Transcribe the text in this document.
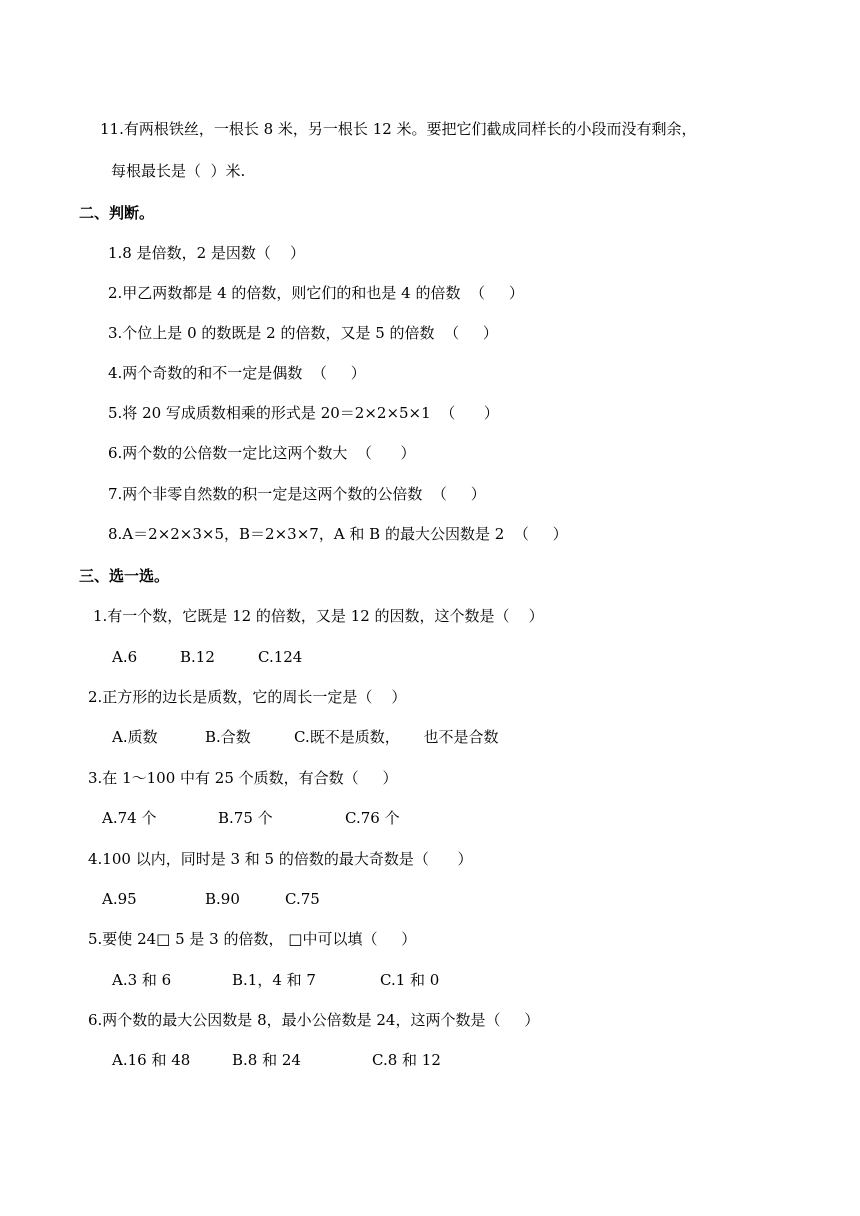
11.有两根铁丝，一根长 8 米，另一根长 12 米。要把它们截成同样长的小段而没有剩余，
每根最长是（  ）米.
二、判断。
1.8 是倍数，2 是因数（    ）
2.甲乙两数都是 4 的倍数，则它们的和也是 4 的倍数  （     ）
3.个位上是 0 的数既是 2 的倍数，又是 5 的倍数  （     ）
4.两个奇数的和不一定是偶数  （     ）
5.将 20 写成质数相乘的形式是 20＝2×2×5×1  （      ）
6.两个数的公倍数一定比这两个数大  （      ）
7.两个非零自然数的积一定是这两个数的公倍数  （     ）
8.A＝2×2×3×5，B＝2×3×7，A 和 B 的最大公因数是 2  （     ）
三、选一选。
1.有一个数，它既是 12 的倍数，又是 12 的因数，这个数是（    ）
A.6	B.12	C.124
2.正方形的边长是质数，它的周长一定是（    ）
A.质数	B.合数	C.既不是质数，     也不是合数
3.在 1～100 中有 25 个质数，有合数（     ）
A.74 个	B.75 个	C.76 个
4.100 以内，同时是 3 和 5 的倍数的最大奇数是（      ）
A.95	B.90	C.75
5.要使 24□ 5 是 3 的倍数， □中可以填（     ）
A.3 和 6	B.1，4 和 7	C.1 和 0
6.两个数的最大公因数是 8，最小公倍数是 24，这两个数是（     ）
A.16 和 48	B.8 和 24	C.8 和 12
